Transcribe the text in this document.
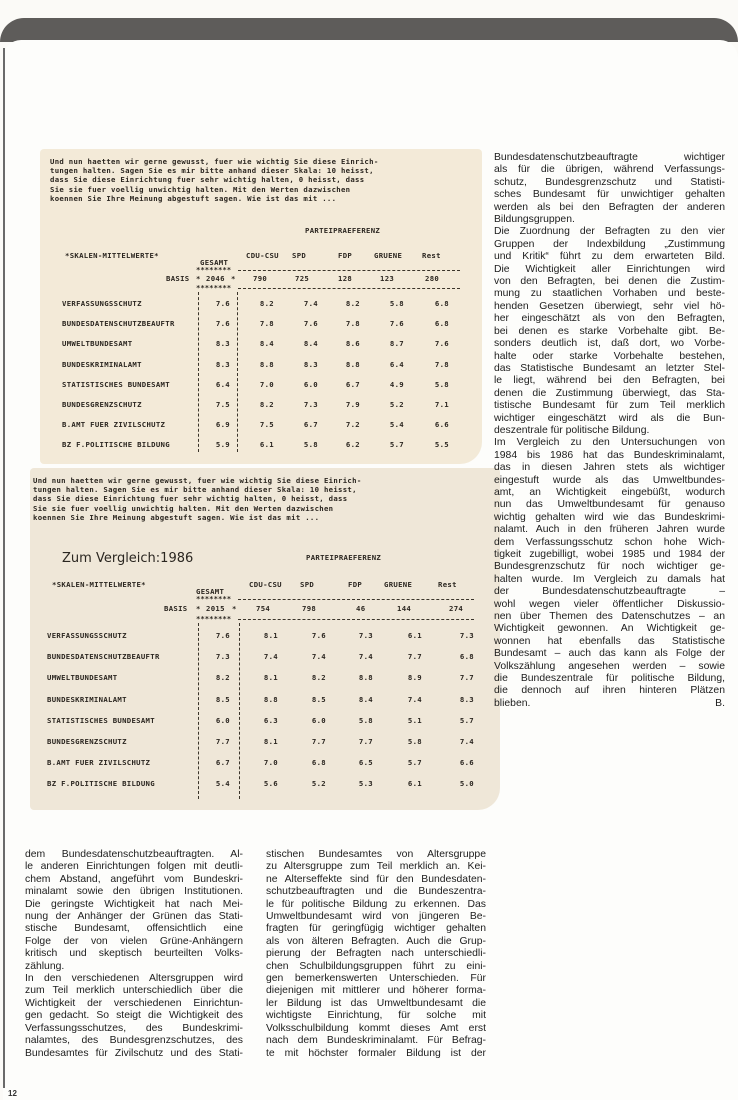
Und nun haetten wir gerne gewusst, fuer wie wichtig Sie diese Einrich-
tungen halten. Sagen Sie es mir bitte anhand dieser Skala: 10 heisst,
dass Sie diese Einrichtung fuer sehr wichtig halten, 0 heisst, dass
Sie sie fuer voellig unwichtig halten. Mit den Werten dazwischen
koennen Sie Ihre Meinung abgestuft sagen. Wie ist das mit ...
PARTEIPRAEFERENZ
*SKALEN-MITTELWERTE*
GESAMT
CDU-CSU SPD	FDP	GRUENE	Rest
********
BASIS * 2046 * 790	725	128	123	280
********
VERFASSUNGSSCHUTZ	7.6	8.2	7.4	8.2	5.8	6.8
BUNDESDATENSCHUTZBEAUFTR	7.6	7.8	7.6	7.8	7.6	6.8
UMWELTBUNDESAMT	8.3	8.4	8.4	8.6	8.7	7.6
BUNDESKRIMINALAMT	8.3	8.8	8.3	8.8	6.4	7.8
STATISTISCHES BUNDESAMT	6.4	7.0	6.0	6.7	4.9	5.8
BUNDESGRENZSCHUTZ	7.5	8.2	7.3	7.9	5.2	7.1
B.AMT FUER ZIVILSCHUTZ	6.9	7.5	6.7	7.2	5.4	6.6
BZ F.POLITISCHE BILDUNG	5.9	6.1	5.8	6.2	5.7	5.5
Und nun haetten wir gerne gewusst, fuer wie wichtig Sie diese Einrich-
tungen halten. Sagen Sie es mir bitte anhand dieser Skala: 10 heisst,
dass Sie diese Einrichtung fuer sehr wichtig halten, 0 heisst, dass
Sie sie fuer voellig unwichtig halten. Mit den Werten dazwischen
koennen Sie Ihre Meinung abgestuft sagen. Wie ist das mit ...
Zum Vergleich:1986	PARTEIPRAEFERENZ
*SKALEN-MITTELWERTE*
GESAMT
CDU-CSU SPD	FDP	GRUENE	Rest
********
BASIS * 2015 *	754	798	46	144	274
********
VERFASSUNGSSCHUTZ	7.6	8.1	7.6	7.3	6.1	7.3
BUNDESDATENSCHUTZBEAUFTR	7.3	7.4	7.4	7.4	7.7	6.8
UMWELTBUNDESAMT	8.2	8.1	8.2	8.8	8.9	7.7
BUNDESKRIMINALAMT	8.5	8.8	8.5	8.4	7.4	8.3
STATISTISCHES BUNDESAMT	6.0	6.3	6.0	5.8	5.1	5.7
BUNDESGRENZSCHUTZ	7.7	8.1	7.7	7.7	5.8	7.4
B.AMT FUER ZIVILSCHUTZ	6.7	7.0	6.8	6.5	5.7	6.6
BZ F.POLITISCHE BILDUNG	5.4	5.6	5.2	5.3	6.1	5.0
Bundesdatenschutzbeauftragte wichtiger
als für die übrigen, während Verfassungs-
schutz, Bundesgrenzschutz und Statisti-
sches Bundesamt für unwichtiger gehalten
werden als bei den Befragten der anderen
Bildungsgruppen.
Die Zuordnung der Befragten zu den vier
Gruppen der Indexbildung „Zustimmung
und Kritik“ führt zu dem erwarteten Bild.
Die Wichtigkeit aller Einrichtungen wird
von den Befragten, bei denen die Zustim-
mung zu staatlichen Vorhaben und beste-
henden Gesetzen überwiegt, sehr viel hö-
her eingeschätzt als von den Befragten,
bei denen es starke Vorbehalte gibt. Be-
sonders deutlich ist, daß dort, wo Vorbe-
halte oder starke Vorbehalte bestehen,
das Statistische Bundesamt an letzter Stel-
le liegt, während bei den Befragten, bei
denen die Zustimmung überwiegt, das Sta-
tistische Bundesamt für zum Teil merklich
wichtiger eingeschätzt wird als die Bun-
deszentrale für politische Bildung.
Im Vergleich zu den Untersuchungen von
1984 bis 1986 hat das Bundeskriminalamt,
das in diesen Jahren stets als wichtiger
eingestuft wurde als das Umweltbundes-
amt, an Wichtigkeit eingebüßt, wodurch
nun das Umweltbundesamt für genauso
wichtig gehalten wird wie das Bundeskrimi-
nalamt. Auch in den früheren Jahren wurde
dem Verfassungsschutz schon hohe Wich-
tigkeit zugebilligt, wobei 1985 und 1984 der
Bundesgrenzschutz für noch wichtiger ge-
halten wurde. Im Vergleich zu damals hat
der Bundesdatenschutzbeauftragte –
wohl wegen vieler öffentlicher Diskussio-
nen über Themen des Datenschutzes – an
Wichtigkeit gewonnen. An Wichtigkeit ge-
wonnen hat ebenfalls das Statistische
Bundesamt – auch das kann als Folge der
Volkszählung angesehen werden – sowie
die Bundeszentrale für politische Bildung,
die dennoch auf ihren hinteren Plätzen
blieben.	B.
dem Bundesdatenschutzbeauftragten. Al-
le anderen Einrichtungen folgen mit deutli-
chem Abstand, angeführt vom Bundeskri-
minalamt sowie den übrigen Institutionen.
Die geringste Wichtigkeit hat nach Mei-
nung der Anhänger der Grünen das Stati-
stische Bundesamt, offensichtlich eine
Folge der von vielen Grüne-Anhängern
kritisch und skeptisch beurteilten Volks-
zählung.
In den verschiedenen Altersgruppen wird
zum Teil merklich unterschiedlich über die
Wichtigkeit der verschiedenen Einrichtun-
gen gedacht. So steigt die Wichtigkeit des
Verfassungsschutzes, des Bundeskrimi-
nalamtes, des Bundesgrenzschutzes, des
Bundesamtes für Zivilschutz und des Stati-
stischen Bundesamtes von Altersgruppe
zu Altersgruppe zum Teil merklich an. Kei-
ne Alterseffekte sind für den Bundesdaten-
schutzbeauftragten und die Bundeszentra-
le für politische Bildung zu erkennen. Das
Umweltbundesamt wird von jüngeren Be-
fragten für geringfügig wichtiger gehalten
als von älteren Befragten. Auch die Grup-
pierung der Befragten nach unterschiedli-
chen Schulbildungsgruppen führt zu eini-
gen bemerkenswerten Unterschieden. Für
diejenigen mit mittlerer und höherer forma-
ler Bildung ist das Umweltbundesamt die
wichtigste Einrichtung, für solche mit
Volksschulbildung kommt dieses Amt erst
nach dem Bundeskriminalamt. Für Befrag-
te mit höchster formaler Bildung ist der
12
